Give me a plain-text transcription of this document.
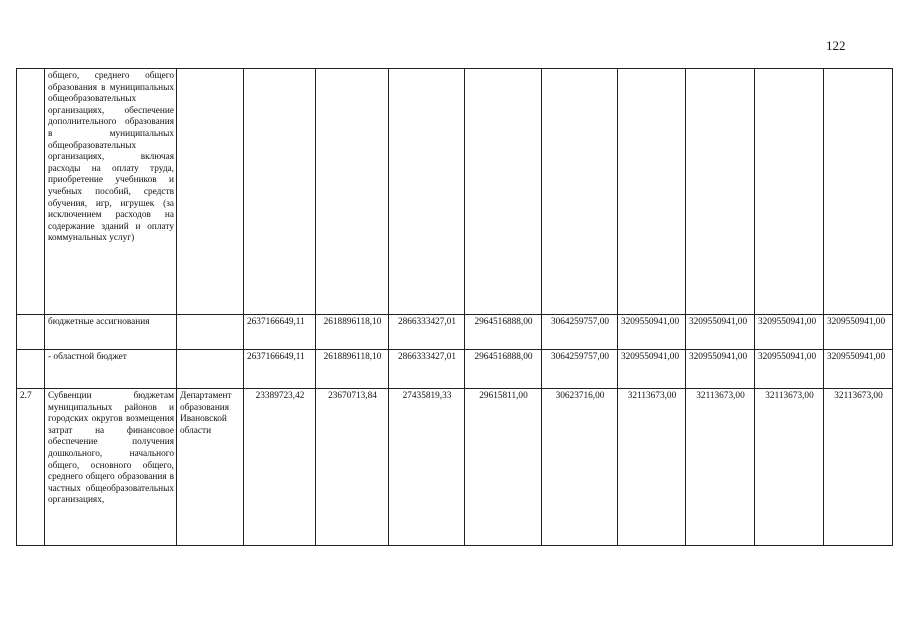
122
	общего, среднего общего образования в муниципальных общеобразовательных организациях, обеспечение дополнительного образования в муниципальных общеобразовательных организациях, включая расходы на оплату труда, приобретение учебников и учебных пособий, средств обучения, игр, игрушек (за исключением расходов на содержание зданий и оплату коммунальных услуг)										
	бюджетные ассигнования		2637166649,11	2618896118,10	2866333427,01	2964516888,00	3064259757,00	3209550941,00	3209550941,00	3209550941,00	3209550941,00
	- областной бюджет		2637166649,11	2618896118,10	2866333427,01	2964516888,00	3064259757,00	3209550941,00	3209550941,00	3209550941,00	3209550941,00
2.7	Субвенции бюджетам муниципальных районов и городских округов возмещения затрат на финансовое обеспечение получения дошкольного, начального общего, основного общего, среднего общего образования в частных общеобразовательных организациях,	Департамент образования Ивановской области	23389723,42	23670713,84	27435819,33	29615811,00	30623716,00	32113673,00	32113673,00	32113673,00	32113673,00
